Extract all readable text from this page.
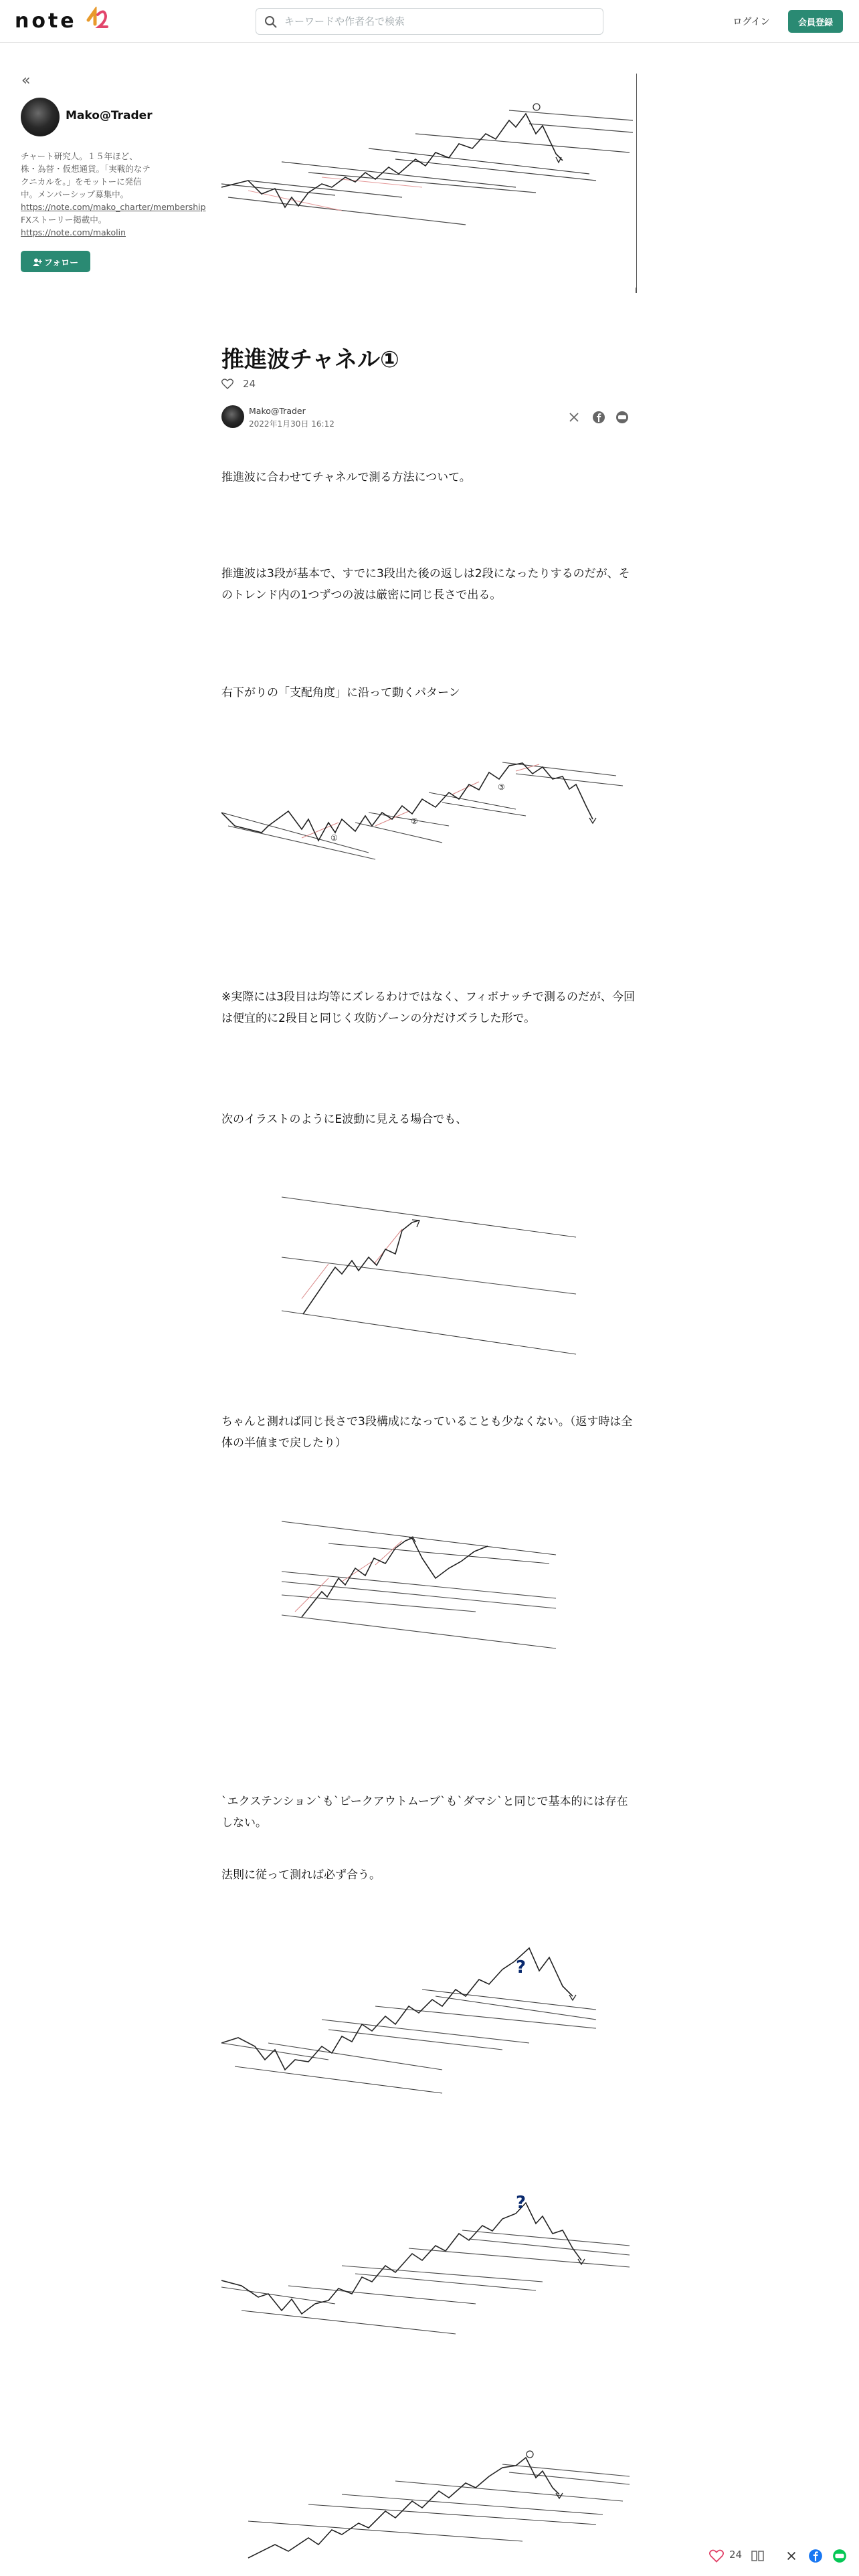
note
キーワードや作者名で検索	ログイン	会員登録
«
Mako@Trader
チャート研究人。１５年ほど、株・為替・仮想通貨。「実戦的なテクニカルを。」をモットーに発信中。メンバーシップ募集中。 https://note.com/mako_charter/membership FXストーリー掲載中。 https://note.com/makolin
フォロー
推進波チャネル①
24
Mako@Trader
2022年1月30日 16:12
推進波に合わせてチャネルで測る方法について。
推進波は3段が基本で、すでに3段出た後の返しは2段になったりするのだが、そのトレンド内の1つずつの波は厳密に同じ長さで出る。
右下がりの「支配角度」に沿って動くパターン
①
②
③
※実際には3段目は均等にズレるわけではなく、フィボナッチで測るのだが、今回は便宜的に2段目と同じく攻防ゾーンの分だけズラした形で。
次のイラストのようにE波動に見える場合でも、
ちゃんと測れば同じ長さで3段構成になっていることも少なくない。（返す時は全体の半値まで戻したり）
`エクステンション`も`ピークアウトムーブ`も`ダマシ`と同じで基本的には存在しない。
法則に従って測れば必ず合う。
?
?
24
